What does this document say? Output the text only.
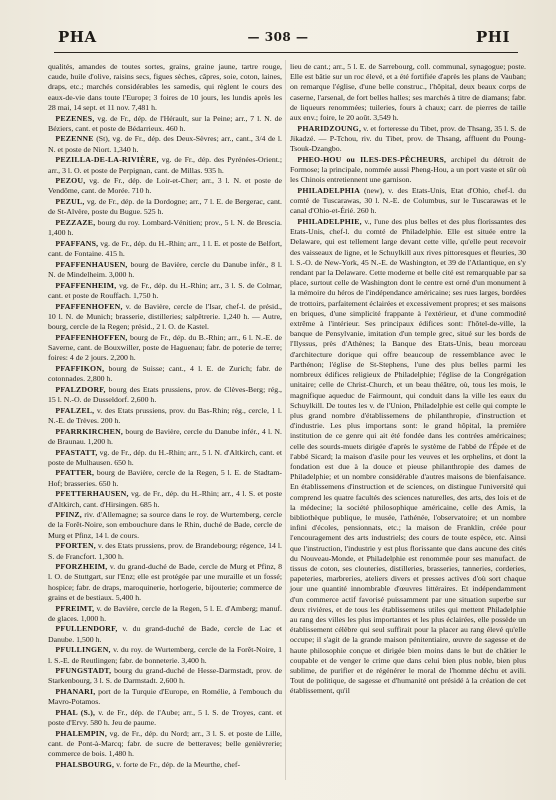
PHA	— 308 —	PHI

qualités, amandes de toutes sortes, grains, graine jaune, tartre rouge, caude, huile d'olive, raisins secs, figues sèches, câpres, soie, coton, laines, draps, etc.; marchés considérables les samedis, qui règlent le cours des eaux-de-vie dans toute l'Europe; 3 foires de 10 jours, les lundis après les 28 mai, 14 sept. et 11 nov. 7,481 h.

PEZENES, vg. de Fr., dép. de l'Hérault, sur la Peine; arr., 7 l. N. de Béziers, cant. et poste de Bédarrieux. 460 h.

PEZENNE (St), vg. de Fr., dép. des Deux-Sèvres; arr., cant., 3/4 de l. N. et poste de Niort. 1,340 h.

PEZILLA-DE-LA-RIVIÈRE, vg. de Fr., dép. des Pyrénées-Orient.; arr., 3 l. O. et poste de Perpignan, cant. de Millas. 935 h.

PEZOU, vg. de Fr., dép. de Loir-et-Cher; arr., 3 l. N. et poste de Vendôme, cant. de Morée. 710 h.

PEZUL, vg. de Fr., dép. de la Dordogne; arr., 7 l. E. de Bergerac, cant. de St-Alvère, poste du Bugue. 525 h.

PEZZAZE, bourg du roy. Lombard-Vénitien; prov., 5 l. N. de Brescia. 1,400 h.

PFAFFANS, vg. de Fr., dép. du H.-Rhin; arr., 1 l. E. et poste de Belfort, cant. de Fontaine. 415 h.

PFAFFENHAUSEN, bourg de Bavière, cercle du Danube infér., 8 l. N. de Mindelheim. 3,000 h.

PFAFFENHEIM, vg. de Fr., dép. du H.-Rhin; arr., 3 l. S. de Colmar, cant. et poste de Rouffach. 1,750 h.

PFAFFENHOFEN, v. de Bavière, cercle de l'Isar, chef-l. de présid., 10 l. N. de Munich; brasserie, distilleries; salpêtrerie. 1,240 h. — Autre, bourg, cercle de la Regen; présid., 2 l. O. de Kastel.

PFAFFENHOFFEN, bourg de Fr., dép. du B.-Rhin; arr., 6 l. N.-E. de Saverne, cant. de Bouxwiller, poste de Haguenau; fabr. de poterie de terre; foires: 4 de 2 jours. 2,200 h.

PFAFFIKON, bourg de Suisse; cant., 4 l. E. de Zurich; fabr. de cotonnades. 2,800 h.

PFALZDORF, bourg des Etats prussiens, prov. de Clèves-Berg; rég., 15 l. N.-O. de Dusseldorf. 2,600 h.

PFALZEL, v. des Etats prussiens, prov. du Bas-Rhin; rég., cercle, 1 l. N.-E. de Trèves. 200 h.

PFARRKIRCHEN, bourg de Bavière, cercle du Danube infér., 4 l. N. de Braunau. 1,200 h.

PFASTATT, vg. de Fr., dép. du H.-Rhin; arr., 5 l. N. d'Altkirch, cant. et poste de Mulhausen. 650 h.

PFATTER, bourg de Bavière, cercle de la Regen, 5 l. E. de Stadtam-Hof; brasseries. 650 h.

PFETTERHAUSEN, vg. de Fr., dép. du H.-Rhin; arr., 4 l. S. et poste d'Altkirch, cant. d'Hirsingen. 685 h.

PFINZ, riv. d'Allemagne; sa source dans le roy. de Wurtemberg, cercle de la Forêt-Noire, son embouchure dans le Rhin, duché de Bade, cercle de Murg et Pfinz, 14 l. de cours.

PFORTEN, v. des Etats prussiens, prov. de Brandebourg; régence, 14 l. S. de Francfort. 1,300 h.

PFORZHEIM, v. du grand-duché de Bade, cercle de Murg et Pfinz, 8 l. O. de Stuttgart, sur l'Enz; elle est protégée par une muraille et un fossé; hospice; fabr. de draps, maroquinerie, horlogerie, bijouterie; commerce de grains et de bestiaux. 5,400 h.

PFREIMT, v. de Bavière, cercle de la Regen, 5 l. E. d'Amberg; manuf. de glaces. 1,000 h.

PFULLENDORF, v. du grand-duché de Bade, cercle de Lac et Danube. 1,500 h.

PFULLINGEN, v. du roy. de Wurtemberg, cercle de la Forêt-Noire, 1 l. S.-E. de Reutlingen; fabr. de bonneterie. 3,400 h.

PFUNGSTADT, bourg du grand-duché de Hesse-Darmstadt, prov. de Starkenbourg, 3 l. S. de Darmstadt. 2,600 h.

PHANARI, port de la Turquie d'Europe, en Romélie, à l'embouch du Mavro-Potamos.

PHAL (S.), v. de Fr., dép. de l'Aube; arr., 5 l. S. de Troyes, cant. et poste d'Ervy. 580 h. Jeu de paume.

PHALEMPIN, vg. de Fr., dép. du Nord; arr., 3 l. S. et poste de Lille, cant. de Pont-à-Marcq; fabr. de sucre de betteraves; belle genièvrerie; commerce de bois. 1,480 h.

PHALSBOURG, v. forte de Fr., dép. de la Meurthe, chef-

lieu de cant.; arr., 5 l. E. de Sarrebourg, coll. communal, synagogue; poste. Elle est bâtie sur un roc élevé, et a été fortifiée d'après les plans de Vauban; on remarque l'église, d'une belle construc., l'hôpital, deux beaux corps de caserne, l'arsenal, de fort belles halles; ses marchés à titre de diamans; fabr. de liqueurs renommées; tuileries, fours à chaux; carr. de pierres de taille aux env.; foire, le 20 août. 3,549 h.

PHARIDZOUNG, v. et forteresse du Tibet, prov. de Thsang, 35 l. S. de Jikadzé. — P-Tchou, riv. du Tibet, prov. de Thsang, affluent du Poung-Tsouk-Dzangbo.

PHEO-HOU ou ILES-DES-PÊCHEURS, archipel du détroit de Formose; la principale, nommée aussi Pheng-Hou, a un port vaste et sûr où les Chinois entretiennent une garnison.

PHILADELPHIA (new), v. des Etats-Unis, Etat d'Ohio, chef-l. du comté de Tuscarawas, 30 l. N.-E. de Columbus, sur le Tuscarawas et le canal d'Ohio-et-Érié. 260 h.

PHILADELPHIE, v., l'une des plus belles et des plus florissantes des Etats-Unis, chef-l. du comté de Philadelphie. Elle est située entre la Delaware, qui est tellement large devant cette ville, qu'elle peut recevoir des vaisseaux de ligne, et le Schuylkill aux rives pittoresques et fleuries, 30 l. S.-O. de New-York, 45 N.-E. de Washington, et 39 de l'Atlantique, en s'y rendant par la Delaware. Cette moderne et belle cité est remarquable par sa place, surtout celle de Washington dont le centre est orné d'un monument à la mémoire du héros de l'indépendance américaine; ses rues larges, bordées de trottoirs, parfaitement éclairées et excessivement propres; et ses maisons en briques, d'une simplicité frappante à l'extérieur, et d'une commodité extrême à l'intérieur. Ses principaux édifices sont: l'hôtel-de-ville, la banque de Pensylvanie, imitation d'un temple grec, situé sur les bords de l'Ilyssus, près d'Athènes; la Banque des Etats-Unis, beau morceau d'architecture dorique qui offre beaucoup de ressemblance avec le Parthénon; l'église de St-Stephens, l'une des plus belles parmi les nombreux édifices religieux de Philadelphie; l'église de la Congrégation unitaire; celle de Christ-Church, et un beau théâtre, où, tous les mois, le magnifique aqueduc de Fairmount, qui conduit dans la ville les eaux du Schuylkill. De toutes les v. de l'Union, Philadelphie est celle qui compte le plus grand nombre d'établissemens de philanthropie, d'instruction et d'industrie. Les plus importans sont: le grand hôpital, la première institution de ce genre qui ait été fondée dans les contrées américaines; celle des sourds-muets dirigée d'après le système de l'abbé de l'Épée et de l'abbé Sicard; la maison d'asile pour les veuves et les orphelins, et dont la fondation est due à la douce et pieuse philanthropie des dames de Philadelphie; et un nombre considérable d'autres maisons de bienfaisance. En établissemens d'instruction et de sciences, on distingue l'université qui comprend les quatre facultés des sciences naturelles, des arts, des lois et de la médecine; la société philosophique américaine, celle des Amis, la bibliothèque publique, le musée, l'athénée, l'observatoire; et un nombre infini d'écoles, pensionnats, etc.; la maison de Franklin, créée pour l'encouragement des arts industriels; des cours de toute espèce, etc. Ainsi que l'instruction, l'industrie y est plus florissante que dans aucune des cités du Nouveau-Monde, et Philadelphie est renommée pour ses manufact. de tissus de coton, ses clouteries, distilleries, brasseries, tanneries, corderies, papeteries, marbreries, ateliers divers et presses actives d'où sort chaque jour une quantité innombrable d'œuvres littéraires. Et indépendamment d'un commerce actif favorisé puissamment par une situation superbe sur deux rivières, et de tous les établissemens utiles qui mettent Philadelphie au rang des villes les plus importantes et les plus éclairées, elle possède un établissement célèbre qui seul suffirait pour la placer au rang élevé qu'elle occupe; il s'agit de la grande maison pénitentiaire, œuvre de sagesse et de haute philosophie conçue et dirigée bien moins dans le but de châtier le coupable et de venger le crime que dans celui bien plus noble, bien plus sublime, de purifier et de régénérer le moral de l'homme déchu et avili. Tout de politique, de sagesse et d'humanité ont présidé à la création de cet établissement, qu'il
